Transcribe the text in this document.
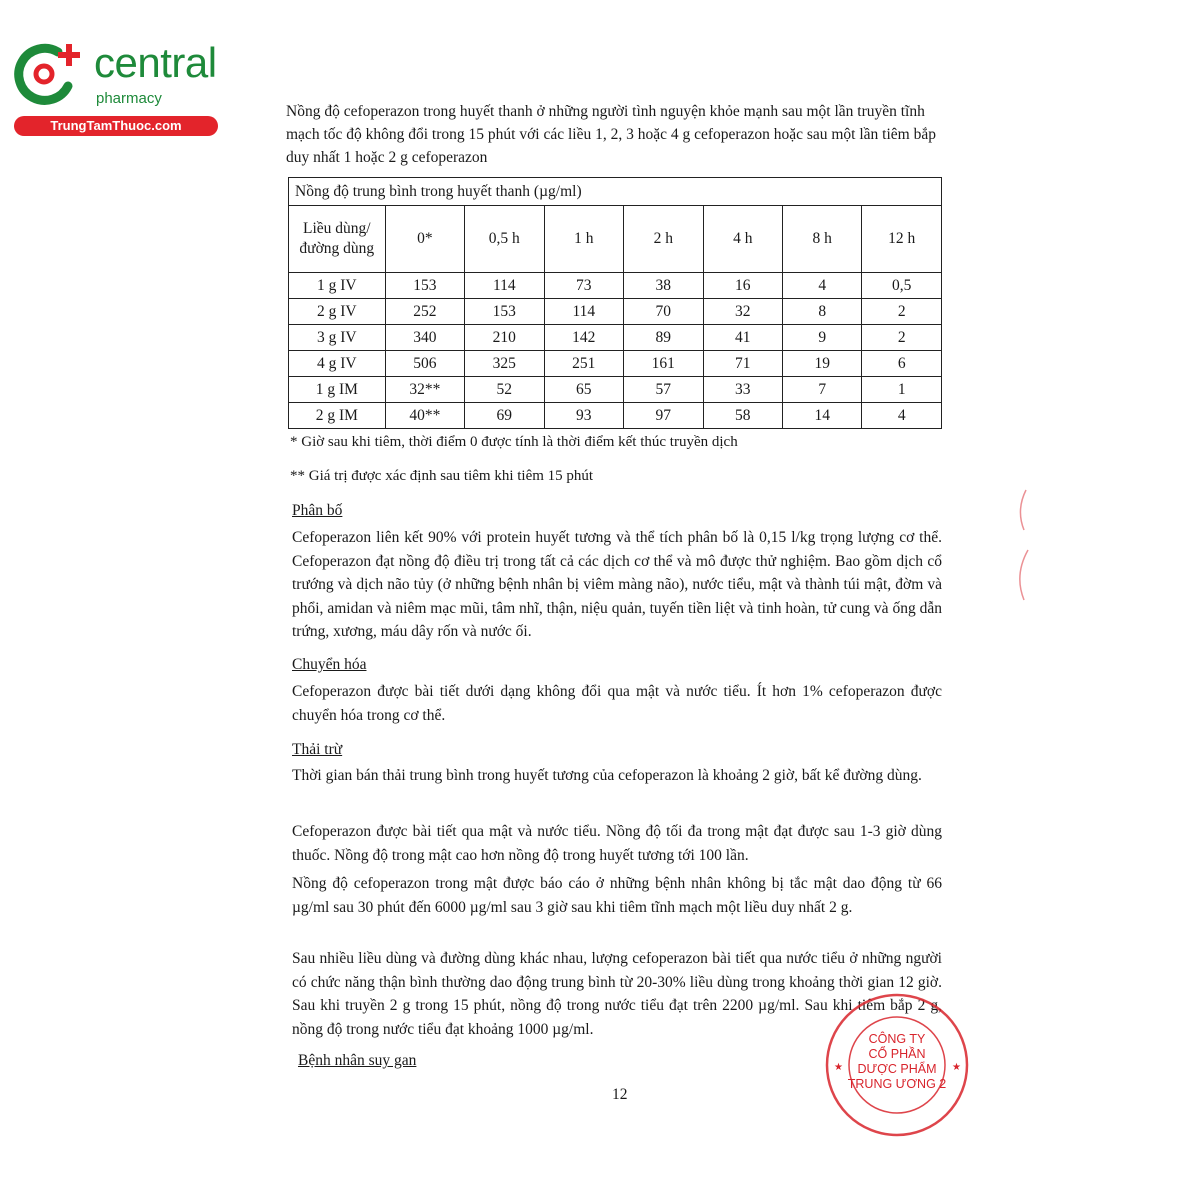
central
pharmacy
TrungTamThuoc.com
Nồng độ cefoperazon trong huyết thanh ở những người tình nguyện khỏe mạnh sau một lần truyền tĩnh mạch tốc độ không đổi trong 15 phút với các liều 1, 2, 3 hoặc 4 g cefoperazon hoặc sau một lần tiêm bắp duy nhất 1 hoặc 2 g cefoperazon
Nồng độ trung bình trong huyết thanh (µg/ml)							
Liều dùng/đường dùng	0*	0,5 h	1 h	2 h	4 h	8 h	12 h
1 g IV	153	114	73	38	16	4	0,5
2 g IV	252	153	114	70	32	8	2
3 g IV	340	210	142	89	41	9	2
4 g IV	506	325	251	161	71	19	6
1 g IM	32**	52	65	57	33	7	1
2 g IM	40**	69	93	97	58	14	4
* Giờ sau khi tiêm, thời điểm 0 được tính là thời điểm kết thúc truyền dịch
** Giá trị được xác định sau tiêm khi tiêm 15 phút
Phân bố
Cefoperazon liên kết 90% với protein huyết tương và thể tích phân bố là 0,15 l/kg trọng lượng cơ thể. Cefoperazon đạt nồng độ điều trị trong tất cả các dịch cơ thể và mô được thử nghiệm. Bao gồm dịch cổ trướng và dịch não tủy (ở những bệnh nhân bị viêm màng não), nước tiểu, mật và thành túi mật, đờm và phổi, amidan và niêm mạc mũi, tâm nhĩ, thận, niệu quản, tuyến tiền liệt và tinh hoàn, tử cung và ống dẫn trứng, xương, máu dây rốn và nước ối.
Chuyển hóa
Cefoperazon được bài tiết dưới dạng không đổi qua mật và nước tiểu. Ít hơn 1% cefoperazon được chuyển hóa trong cơ thể.
Thải trừ
Thời gian bán thải trung bình trong huyết tương của cefoperazon là khoảng 2 giờ, bất kể đường dùng.
Cefoperazon được bài tiết qua mật và nước tiểu. Nồng độ tối đa trong mật đạt được sau 1-3 giờ dùng thuốc. Nồng độ trong mật cao hơn nồng độ trong huyết tương tới 100 lần.
Nồng độ cefoperazon trong mật được báo cáo ở những bệnh nhân không bị tắc mật dao động từ 66 µg/ml sau 30 phút đến 6000 µg/ml sau 3 giờ sau khi tiêm tĩnh mạch một liều duy nhất 2 g.
Sau nhiều liều dùng và đường dùng khác nhau, lượng cefoperazon bài tiết qua nước tiểu ở những người có chức năng thận bình thường dao động trung bình từ 20-30% liều dùng trong khoảng thời gian 12 giờ. Sau khi truyền 2 g trong 15 phút, nồng độ trong nước tiểu đạt trên 2200 µg/ml. Sau khi tiêm bắp 2 g, nồng độ trong nước tiểu đạt khoảng 1000 µg/ml.
Bệnh nhân suy gan
12
★	★
CÔNG TY
CỔ PHẦN
DƯỢC PHẨM
TRUNG ƯƠNG 2
